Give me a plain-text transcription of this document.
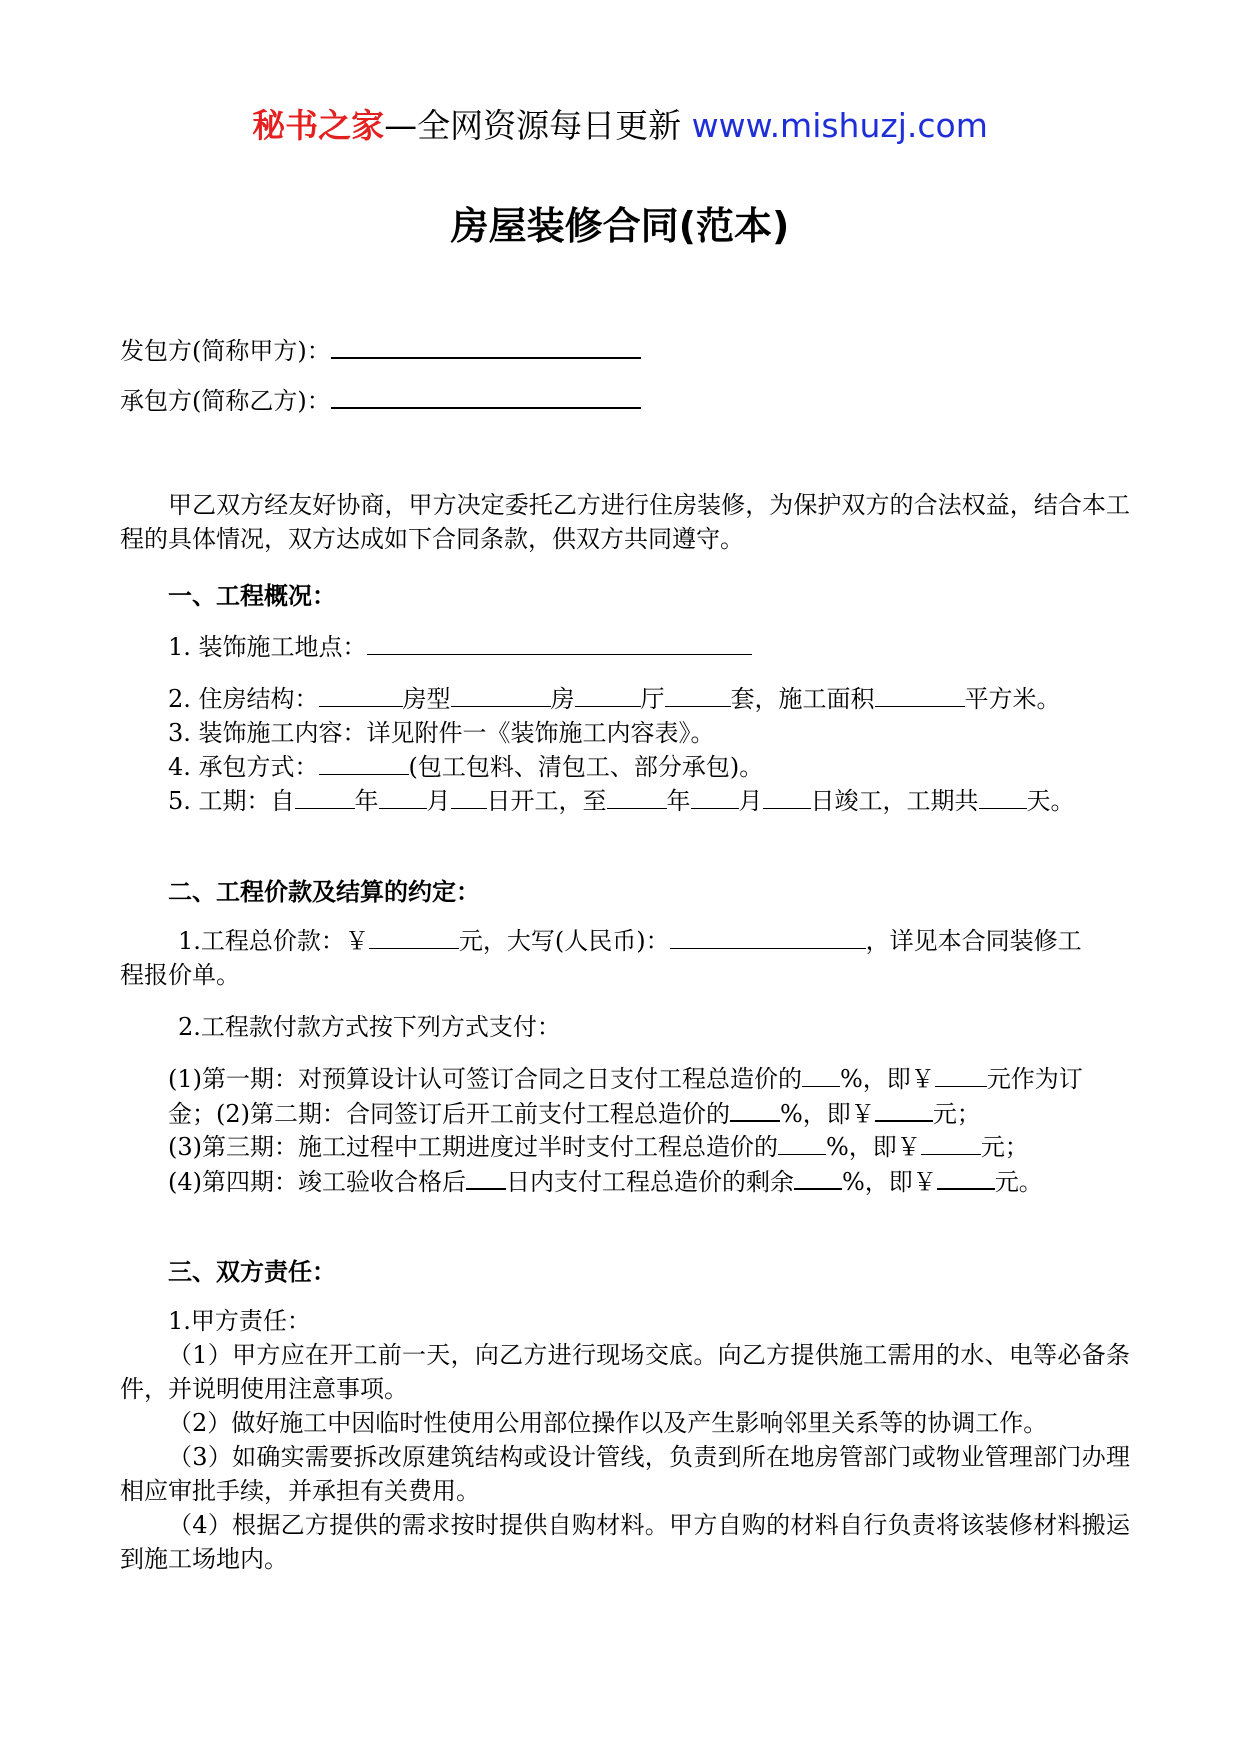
秘书之家—全网资源每日更新 www.mishuzj.com
房屋装修合同(范本)
发包方(简称甲方)：
承包方(简称乙方)：
甲乙双方经友好协商，甲方决定委托乙方进行住房装修，为保护双方的合法权益，结合本工程的具体情况，双方达成如下合同条款，供双方共同遵守。
一、工程概况：
1. 装饰施工地点：
2. 住房结构：	房型	房	厅	套，施工面积	平方米。
3. 装饰施工内容：详见附件一《装饰施工内容表》。
4. 承包方式：	(包工包料、清包工、部分承包)。
5. 工期：自	年 月 日开工，至	年 月 日竣工，工期共 天。
二、工程价款及结算的约定：
1.工程总价款：￥	元，大写(人民币)：	，详见本合同装修工
程报价单。
2.工程款付款方式按下列方式支付：
(1)第一期：对预算设计认可签订合同之日支付工程总造价的 %，即￥ 元作为订
金；(2)第二期：合同签订后开工前支付工程总造价的 %，即￥ 元；
(3)第三期：施工过程中工期进度过半时支付工程总造价的 %，即￥	元；
(4)第四期：竣工验收合格后 日内支付工程总造价的剩余 %，即￥ 元。
三、双方责任：
1.甲方责任：
（1）甲方应在开工前一天，向乙方进行现场交底。向乙方提供施工需用的水、电等必备条件，并说明使用注意事项。
（2）做好施工中因临时性使用公用部位操作以及产生影响邻里关系等的协调工作。
（3）如确实需要拆改原建筑结构或设计管线，负责到所在地房管部门或物业管理部门办理相应审批手续，并承担有关费用。
（4）根据乙方提供的需求按时提供自购材料。甲方自购的材料自行负责将该装修材料搬运到施工场地内。
